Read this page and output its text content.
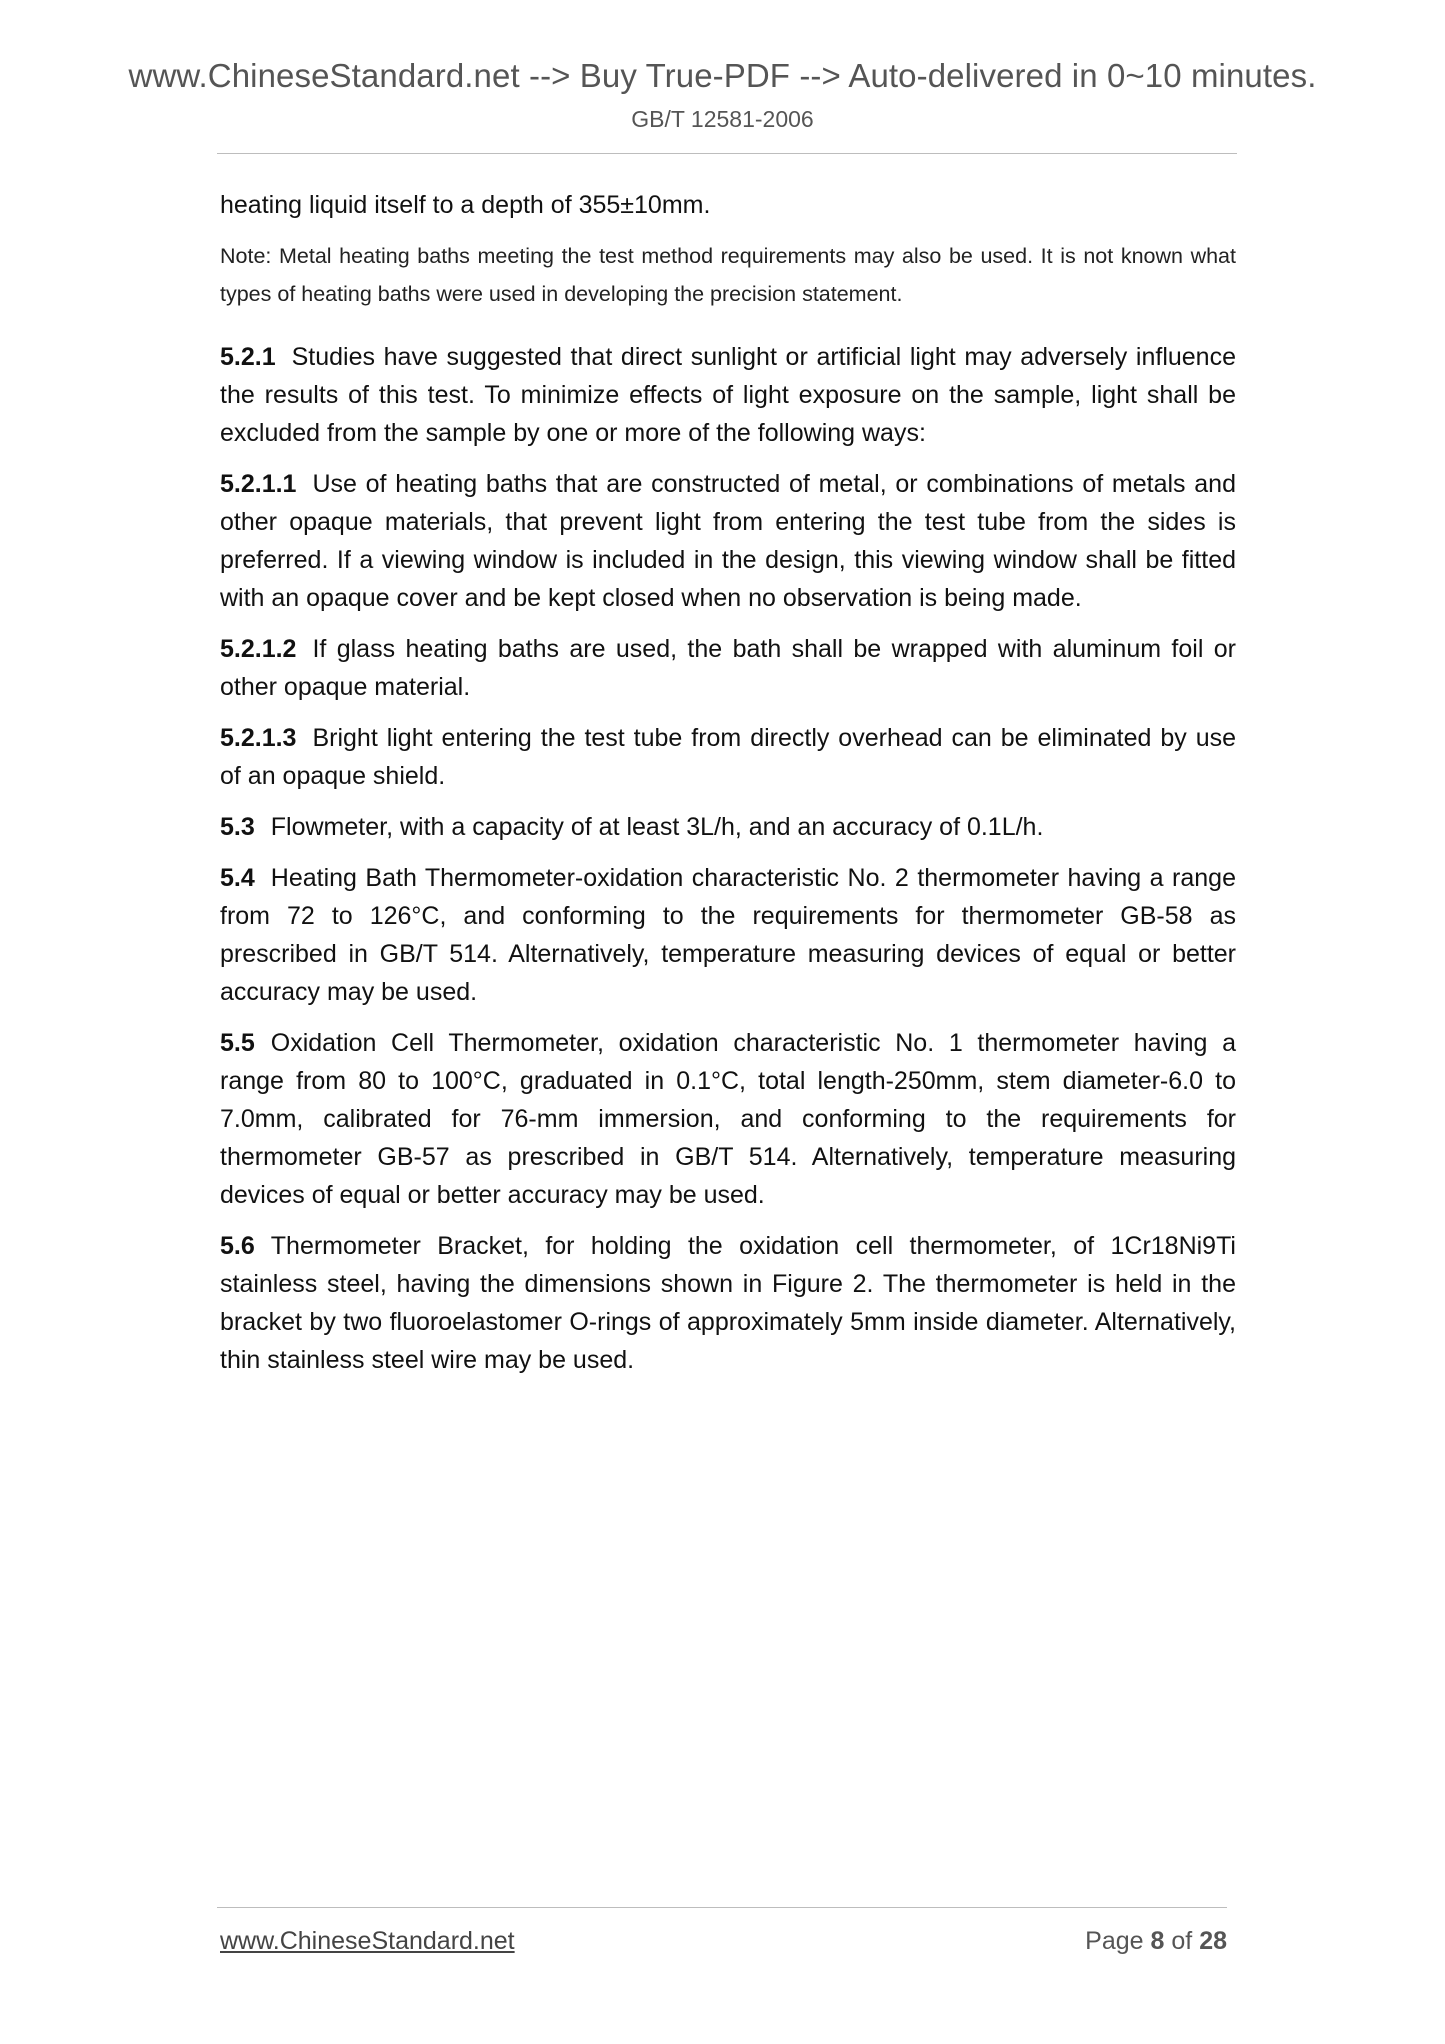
www.ChineseStandard.net --> Buy True-PDF --> Auto-delivered in 0~10 minutes.
GB/T 12581-2006

heating liquid itself to a depth of 355±10mm.

Note: Metal heating baths meeting the test method requirements may also be used. It is not known what types of heating baths were used in developing the precision statement.

5.2.1 Studies have suggested that direct sunlight or artificial light may adversely influence the results of this test. To minimize effects of light exposure on the sample, light shall be excluded from the sample by one or more of the following ways:

5.2.1.1 Use of heating baths that are constructed of metal, or combinations of metals and other opaque materials, that prevent light from entering the test tube from the sides is preferred. If a viewing window is included in the design, this viewing window shall be fitted with an opaque cover and be kept closed when no observation is being made.

5.2.1.2 If glass heating baths are used, the bath shall be wrapped with aluminum foil or other opaque material.

5.2.1.3 Bright light entering the test tube from directly overhead can be eliminated by use of an opaque shield.

5.3 Flowmeter, with a capacity of at least 3L/h, and an accuracy of 0.1L/h.

5.4 Heating Bath Thermometer-oxidation characteristic No. 2 thermometer having a range from 72 to 126°C, and conforming to the requirements for thermometer GB-58 as prescribed in GB/T 514. Alternatively, temperature measuring devices of equal or better accuracy may be used.

5.5 Oxidation Cell Thermometer, oxidation characteristic No. 1 thermometer having a range from 80 to 100°C, graduated in 0.1°C, total length-250mm, stem diameter-6.0 to 7.0mm, calibrated for 76-mm immersion, and conforming to the requirements for thermometer GB-57 as prescribed in GB/T 514. Alternatively, temperature measuring devices of equal or better accuracy may be used.

5.6 Thermometer Bracket, for holding the oxidation cell thermometer, of 1Cr18Ni9Ti stainless steel, having the dimensions shown in Figure 2. The thermometer is held in the bracket by two fluoroelastomer O-rings of approximately 5mm inside diameter. Alternatively, thin stainless steel wire may be used.

www.ChineseStandard.net	Page 8 of 28
